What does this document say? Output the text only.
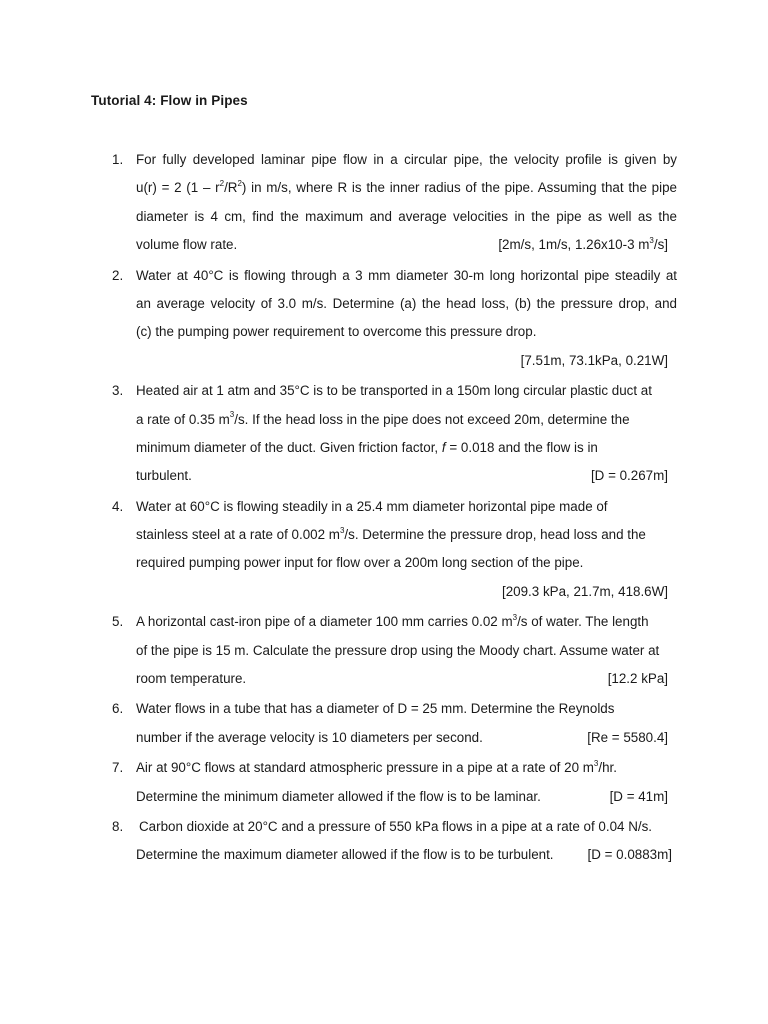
Tutorial 4: Flow in Pipes
1. For fully developed laminar pipe flow in a circular pipe, the velocity profile is given by
u(r) = 2 $(1 - r^2/R^2)$ in m/s, where R is the inner radius of the pipe. Assuming that the pipe
diameter is 4 cm, find the maximum and average velocities in the pipe as well as the
volume flow rate.	[2m/s, 1m/s, 1.26x10-3 $m^3/s$]
2. Water at 40°C is flowing through a 3 mm diameter 30-m long horizontal pipe steadily at
an average velocity of 3.0 m/s. Determine (a) the head loss, (b) the pressure drop, and
(c) the pumping power requirement to overcome this pressure drop.
[7.51m, 73.1kPa, 0.21W]
3. Heated air at 1 atm and 35°C is to be transported in a 150m long circular plastic duct at
a rate of 0.35 $m^3/s$. If the head loss in the pipe does not exceed 20m, determine the
minimum diameter of the duct. Given friction factor, f = 0.018 and the flow is in
turbulent.	[D = 0.267m]
4. Water at 60°C is flowing steadily in a 25.4 mm diameter horizontal pipe made of
stainless steel at a rate of 0.002 $m^3/s$. Determine the pressure drop, head loss and the
required pumping power input for flow over a 200m long section of the pipe.
[209.3 kPa, 21.7m, 418.6W]
5. A horizontal cast-iron pipe of a diameter 100 mm carries 0.02 $m^3/s$ of water. The length
of the pipe is 15 m. Calculate the pressure drop using the Moody chart. Assume water at
room temperature.	[12.2 kPa]
6. Water flows in a tube that has a diameter of D = 25 mm. Determine the Reynolds
number if the average velocity is 10 diameters per second.	[Re = 5580.4]
7. Air at 90°C flows at standard atmospheric pressure in a pipe at a rate of 20 $m^3/hr$.
Determine the minimum diameter allowed if the flow is to be laminar.	[D = 41m]
8. Carbon dioxide at 20°C and a pressure of 550 kPa flows in a pipe at a rate of 0.04 N/s.
Determine the maximum diameter allowed if the flow is to be turbulent.	[D = 0.0883m]
